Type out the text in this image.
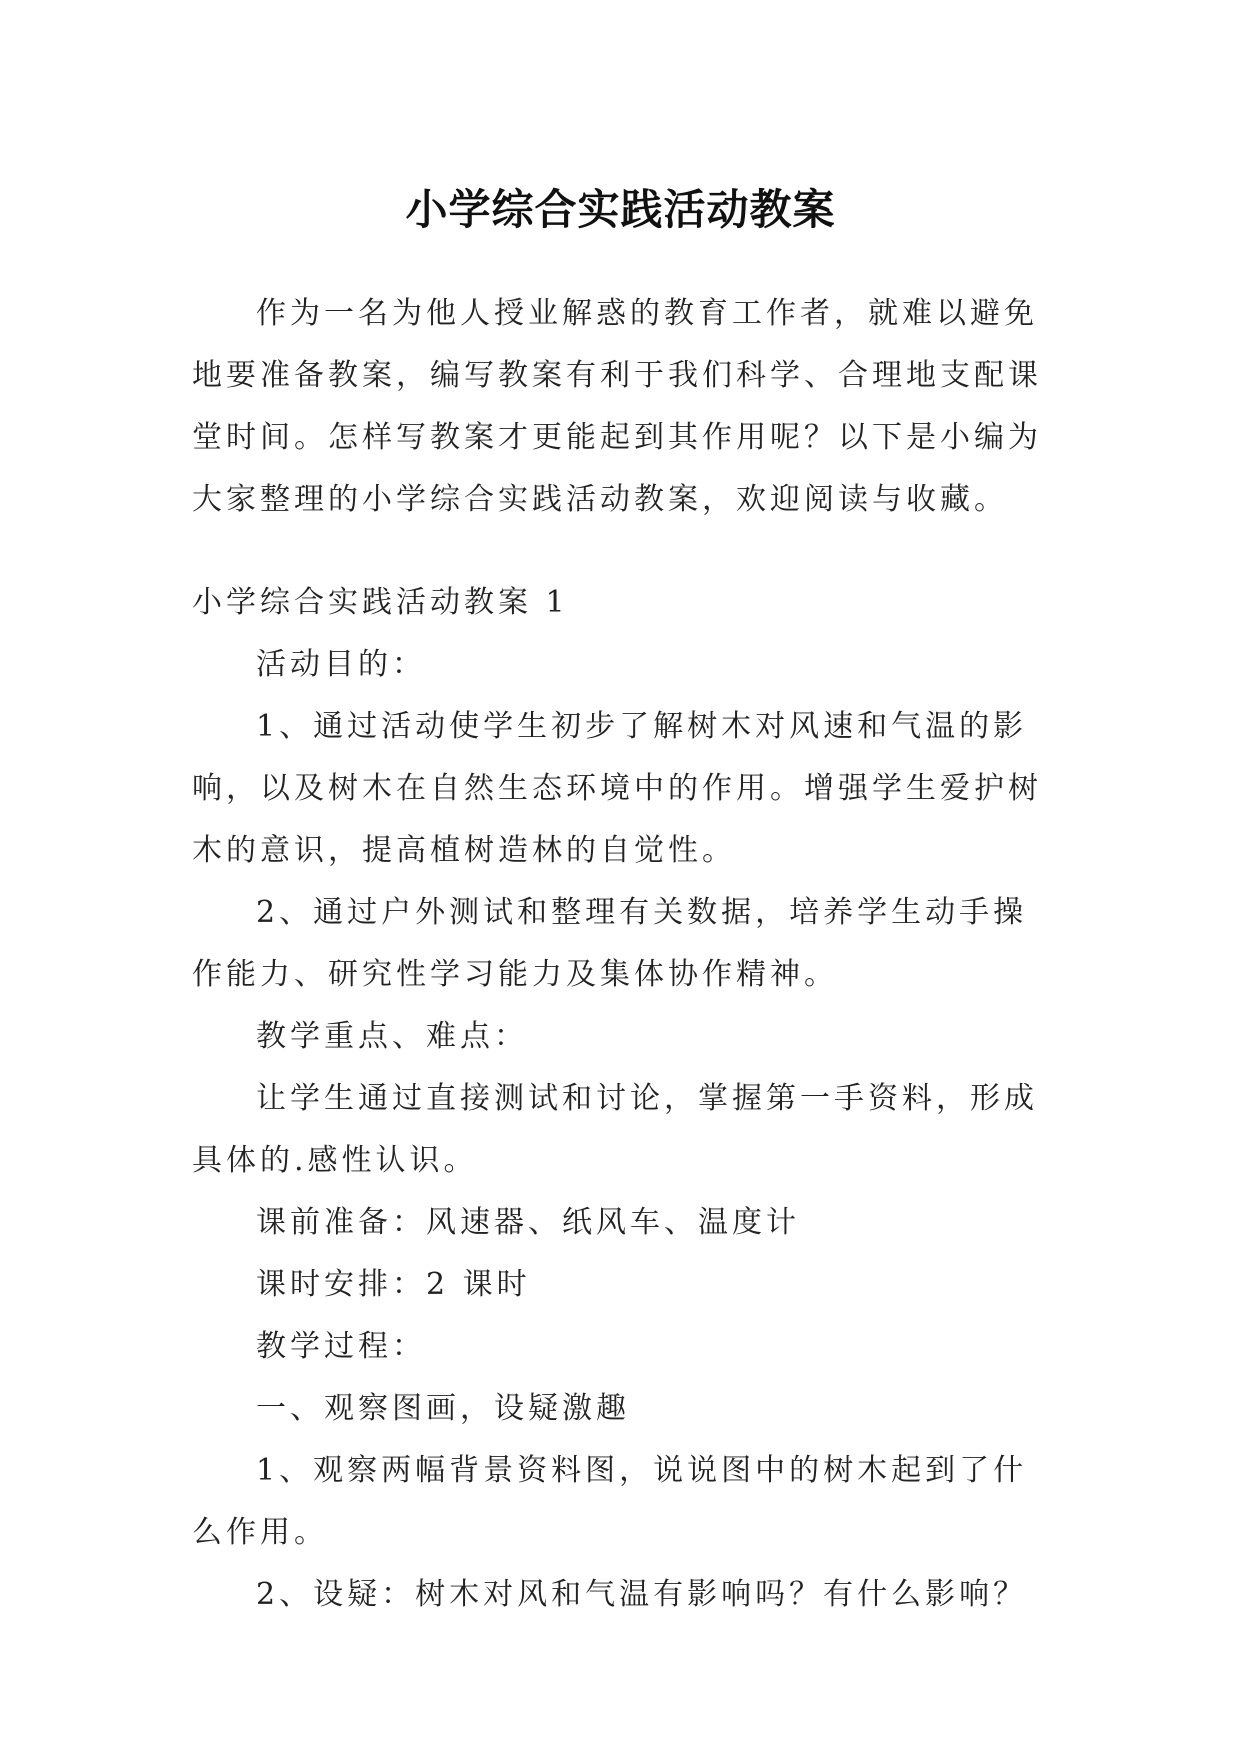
小学综合实践活动教案
作为一名为他人授业解惑的教育工作者，就难以避免地要准备教案，编写教案有利于我们科学、合理地支配课堂时间。怎样写教案才更能起到其作用呢？以下是小编为大家整理的小学综合实践活动教案，欢迎阅读与收藏。

小学综合实践活动教案 1

活动目的：

1、通过活动使学生初步了解树木对风速和气温的影响，以及树木在自然生态环境中的作用。增强学生爱护树木的意识，提高植树造林的自觉性。

2、通过户外测试和整理有关数据，培养学生动手操作能力、研究性学习能力及集体协作精神。

教学重点、难点：

让学生通过直接测试和讨论，掌握第一手资料，形成具体的.感性认识。

课前准备：风速器、纸风车、温度计

课时安排：2 课时

教学过程：

一、观察图画，设疑激趣

1、观察两幅背景资料图，说说图中的树木起到了什么作用。

2、设疑：树木对风和气温有影响吗？有什么影响？
